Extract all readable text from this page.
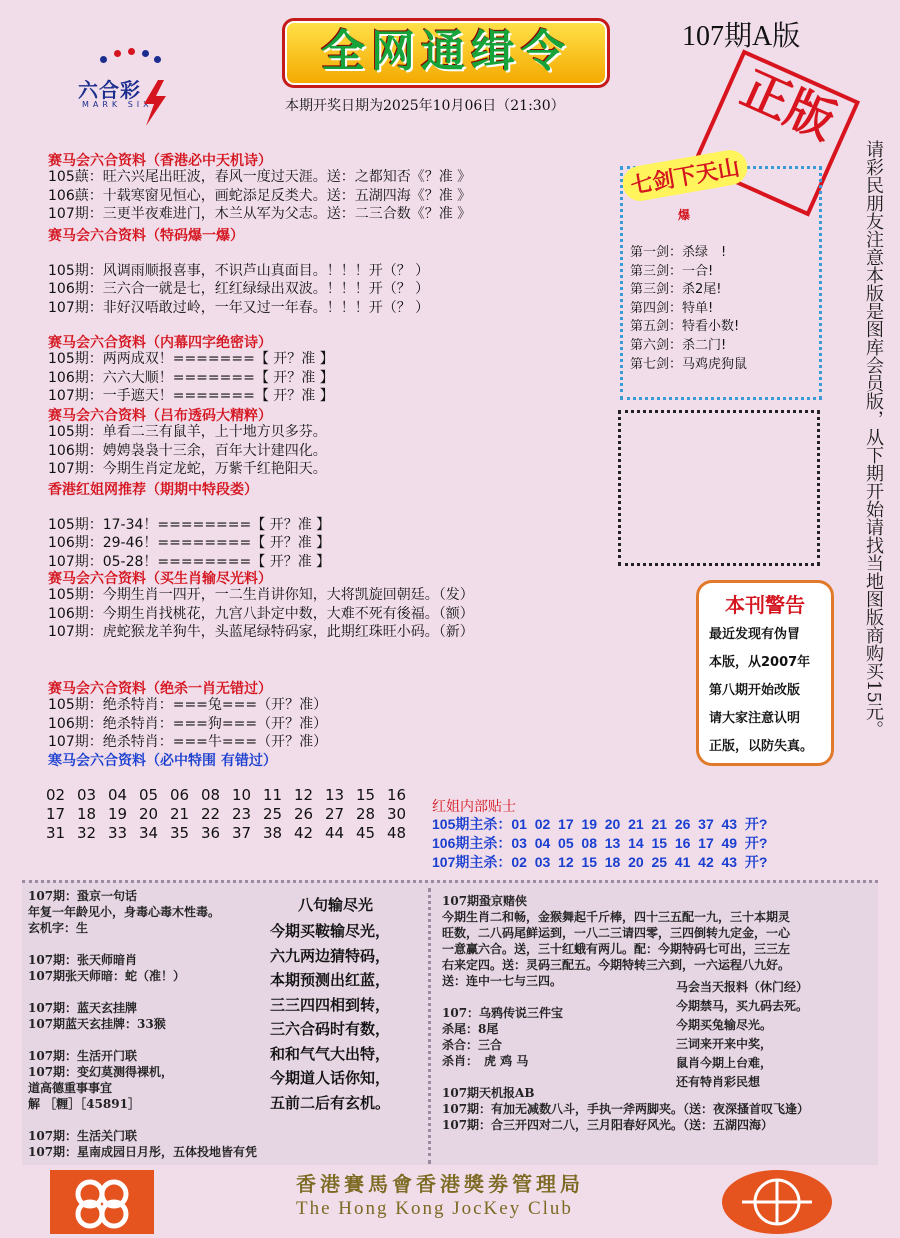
六合彩
MARK SIX
全网通缉令	107期A版
本期开奖日期为2025年10月06日（21:30）	正版
请彩民朋友注意本版是图库会员版，从下期开始请找当地图版商购买15元。
赛马会六合资料（香港必中天机诗）
105蕻：旺六兴尾出旺波，春风一度过天涯。送：之都知否《？准 》
106蕻：十载寒窗见恒心，画蛇添足反类犬。送：五湖四海《？准 》
107期：三更半夜难进门，木兰从军为父志。送：二三合数《？准 》
赛马会六合资料（特码爆一爆）
105期：风调雨顺报喜事，不识芦山真面目。！！！开（？ ）
106期：三六合一就是七，红红绿绿出双波。！！！开（？ ）
107期：非好汉唔敢过岭，一年又过一年春。！！！开（？ ）
赛马会六合资料（内幕四字绝密诗）
105期：两两成双！=======【 开？准 】
106期：六六大顺！=======【 开？准 】
107期：一手遮天！=======【 开？准 】
赛马会六合资料（吕布透码大精粹）
105期：单看二三有鼠羊，上十地方贝多芬。
106期：娉娉袅袅十三余，百年大计建四化。
107期：今期生肖定龙蛇，万紫千红艳阳天。
香港红姐网推荐（期期中特段娄）
105期：17-34！========【 开？准 】
106期：29-46！========【 开？准 】
107期：05-28！========【 开？准 】
赛马会六合资料（买生肖输尽光料）
105期：今期生肖一四开，一二生肖讲你知，大将凯旋回朝廷。（发）
106期：今期生肖找桃花，九宫八卦定中数，大难不死有後福。（额）
107期：虎蛇猴龙羊狗牛，头蓝尾绿特码家，此期红珠旺小码。（新）
赛马会六合资料（绝杀一肖无错过）
105期：绝杀特肖：===兔===（开？准）
106期：绝杀特肖：===狗===（开？准）
107期：绝杀特肖：===牛===（开？准）
寒马会六合资料（必中特围 有错过）
02 03 04 05 06 08 10 11 12 13 15 16
17 18 19 20 21 22 23 25 26 27 28 30
31 32 33 34 35 36 37 38 42 44 45 48
七剑下天山
爆
第一剑：杀绿　!
第三剑：一合!
第三剑：杀2尾!
第四剑：特单!
第五剑：特看小数!
第六剑：杀二门!
第七剑：马鸡虎狗鼠
本刊警告
最近发现有伪冒
本版，从2007年
第八期开始改版
请大家注意认明
正版，以防失真。
红姐内部贴士
105期主杀：01  02  17  19  20  21  21  26  37  43  开?
106期主杀：03  04  05  08  13  14  15  16  17  49  开?
107期主杀：02  03  12  15  18  20  25  41  42  43  开?
107期：蛩京一句话
年复一年龄见小，身毒心毒木性毒。
玄机字：生

107期：张天师暗肖
107期张天师暗：蛇（准！）

107期：蓝天玄挂牌
107期蓝天玄挂牌：33猴

107期：生活开门联
107期：变幻莫测得裸机，
道高德重事事宜
解 ［糎］［45891］

107期：生活关门联
107期：星南成园日月彤，五体投地皆有凭
八句输尽光
今期买鞍输尽光，
六九两边猜特码，
本期预测出红蓝，
三三四四相到转，
三六合码时有数，
和和气气大出特，
今期道人话你知，
五前二后有玄机。
107期蛩京赌侠
今期生肖二和畅，金猴舞起千斤棒，四十三五配一九，三十本期灵
旺数，二八码尾鲜运到，一八二三请四零，三四倒转九定金，一心
一意赢六合。送，三十红蛾有两儿。配：今期特码七可出，三三左
右来定四。送：灵码三配五。今期特转三六到，一六运程八九好。
送：连中一七与三四。

107：乌鸦传说三件宝
杀尾：8尾
杀合：三合
杀肖：　虎 鸡 马

107期天机报AB
107期：有加无减数八斗，手执一斧两脚夹。（送：夜深搔首叹飞逢）
107期：合三开四对二八，三月阳春好风光。（送：五湖四海）
马会当天报料（休门经）
今期禁马，买九码去死。
今期买兔输尽光。
三词来开来中奖，
鼠肖今期上台难，
还有特肖彩民想
香港賽馬會香港獎劵管理局
The Hong Kong JocKey Club
